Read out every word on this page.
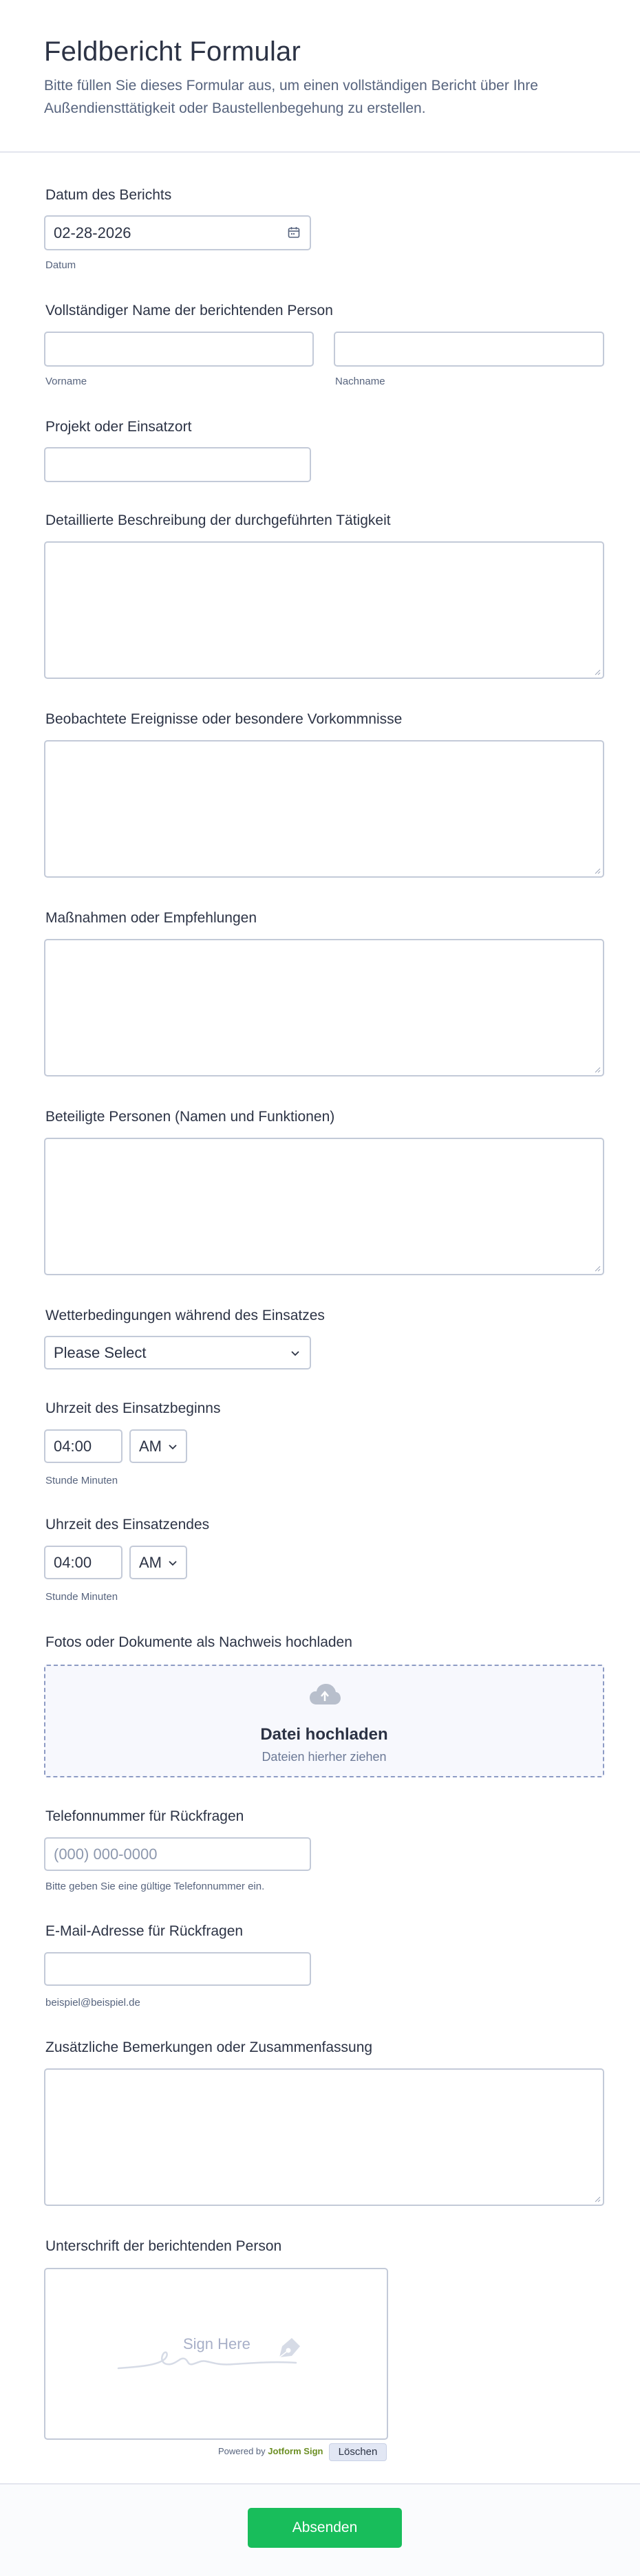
Feldbericht Formular

Bitte füllen Sie dieses Formular aus, um einen vollständigen Bericht über Ihre Außendiensttätigkeit oder Baustellenbegehung zu erstellen.

Datum des Berichts
02-28-2026
Datum
Vollständiger Name der berichtenden Person
Vorname	Nachname
Projekt oder Einsatzort
Detaillierte Beschreibung der durchgeführten Tätigkeit
Beobachtete Ereignisse oder besondere Vorkommnisse
Maßnahmen oder Empfehlungen
Beteiligte Personen (Namen und Funktionen)
Wetterbedingungen während des Einsatzes
Please Select
Uhrzeit des Einsatzbeginns
04:00	AM
Stunde Minuten
Uhrzeit des Einsatzendes
04:00	AM
Stunde Minuten
Fotos oder Dokumente als Nachweis hochladen
Datei hochladen
Dateien hierher ziehen
Telefonnummer für Rückfragen
(000) 000-0000
Bitte geben Sie eine gültige Telefonnummer ein.
E-Mail-Adresse für Rückfragen
beispiel@beispiel.de
Zusätzliche Bemerkungen oder Zusammenfassung
Unterschrift der berichtenden Person
Sign Here
Powered by Jotform Sign	Löschen
Absenden
